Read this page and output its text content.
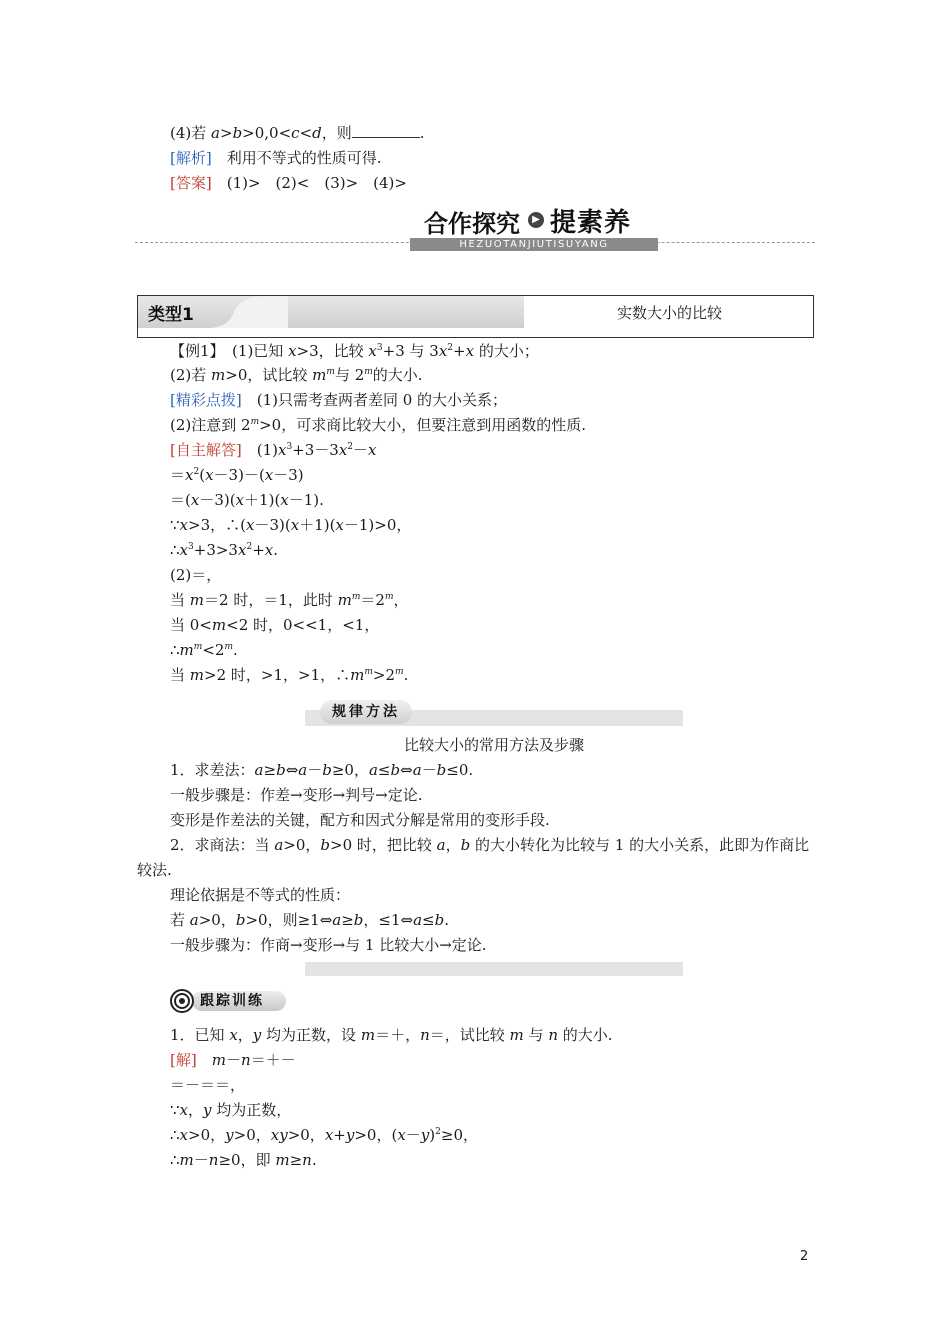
(4)若 a>b>0,0<c<d，则	.
[解析]　利用不等式的性质可得.
[答案]　(1)>　(2)<　(3)>　(4)>
合作探究	▶ 提素养
HEZUOTANJIUTISUYANG
类型1	实数大小的比较
【例1】　(1)已知 x>3，比较 $x^3+3$ 与 $3x^2+x$ 的大小；
(2)若 m>0，试比较 $m^m$与 2$^m$的大小.
[精彩点拨]　(1)只需考查两者差同 0 的大小关系；
(2)注意到 $2^m>0$，可求商比较大小，但要注意到用函数的性质.
[自主解答]　$(1)x^3+3-3x^2-x$
$=x^2(x-3)-(x-3)$
＝(x－3)(x＋1)(x－1).
∵x>3，∴(x－3)(x＋1)(x－1)>0，
$\therefore x^3+3>3x^2+x$.
(2)＝，
当 m＝2 时，＝1，此时 $m^m=2^m$，
当 0<m<2 时，0<<1，<1，
$\therefore m^m<2^m$.
当 m>2 时，>1，>1，$\therefore m^m>2^m$.
规律方法
比较大小的常用方法及步骤
1．求差法：a≥b⇔a－b≥0，a≤b⇔a－b≤0.
一般步骤是：作差→变形→判号→定论.
变形是作差法的关键，配方和因式分解是常用的变形手段.
2．求商法：当 a>0，b>0 时，把比较 a，b 的大小转化为比较与 1 的大小关系，此即为作商比
较法.
理论依据是不等式的性质：
若 a>0，b>0，则≥1⇔a≥b，≤1⇔a≤b.
一般步骤为：作商→变形→与 1 比较大小→定论.
跟踪训练
1．已知 x，y 均为正数，设 m＝＋，n＝，试比较 m 与 n 的大小.
[解]　 m－n＝＋－
＝－＝＝，
∵x，y 均为正数，
∴x>0，y>0，xy>0，x+y>0，$(x-y)^2\ge 0$，
∴m－n≥0，即 m≥n.
2
